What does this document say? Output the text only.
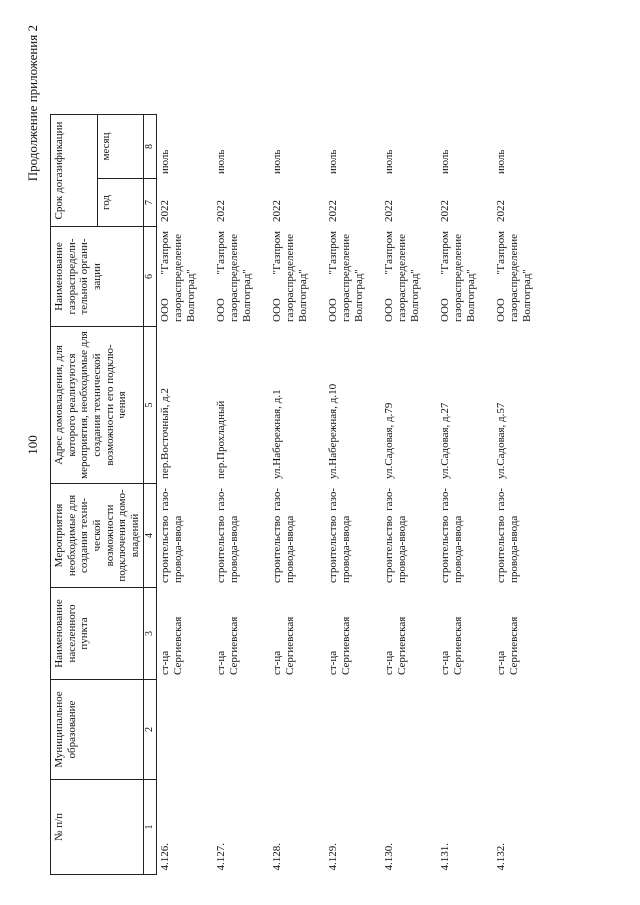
100
Продолжение приложения 2
№ п/п	Муниципальное образование	Наименование населенного пункта	Мероприятия необходимые для создания техни-ческой возможности подключения домо-владений	Адрес домовладения, для которого реализуются мероприятия, необходимые для создания технической возможности его подклю-чения	Наименование газораспредели-тельной органи-зации	Срок догазификации	
						год	месяц
1	2	3	4	5	6	7	8
4.126.		ст-ца Сергиевская	строительство газо-провода-ввода	пер.Восточный, д.2	ООО "Газпром газораспределение Волгоград"	2022	июль
4.127.		ст-ца Сергиевская	строительство газо-провода-ввода	пер.Прохладный	ООО "Газпром газораспределение Волгоград"	2022	июль
4.128.		ст-ца Сергиевская	строительство газо-провода-ввода	ул.Набережная, д.1	ООО "Газпром газораспределение Волгоград"	2022	июль
4.129.		ст-ца Сергиевская	строительство газо-провода-ввода	ул.Набережная, д.10	ООО "Газпром газораспределение Волгоград"	2022	июль
4.130.		ст-ца Сергиевская	строительство газо-провода-ввода	ул.Садовая, д.79	ООО "Газпром газораспределение Волгоград"	2022	июль
4.131.		ст-ца Сергиевская	строительство газо-провода-ввода	ул.Садовая, д.27	ООО "Газпром газораспределение Волгоград"	2022	июль
4.132.		ст-ца Сергиевская	строительство газо-провода-ввода	ул.Садовая, д.57	ООО "Газпром газораспределение Волгоград"	2022	июль
